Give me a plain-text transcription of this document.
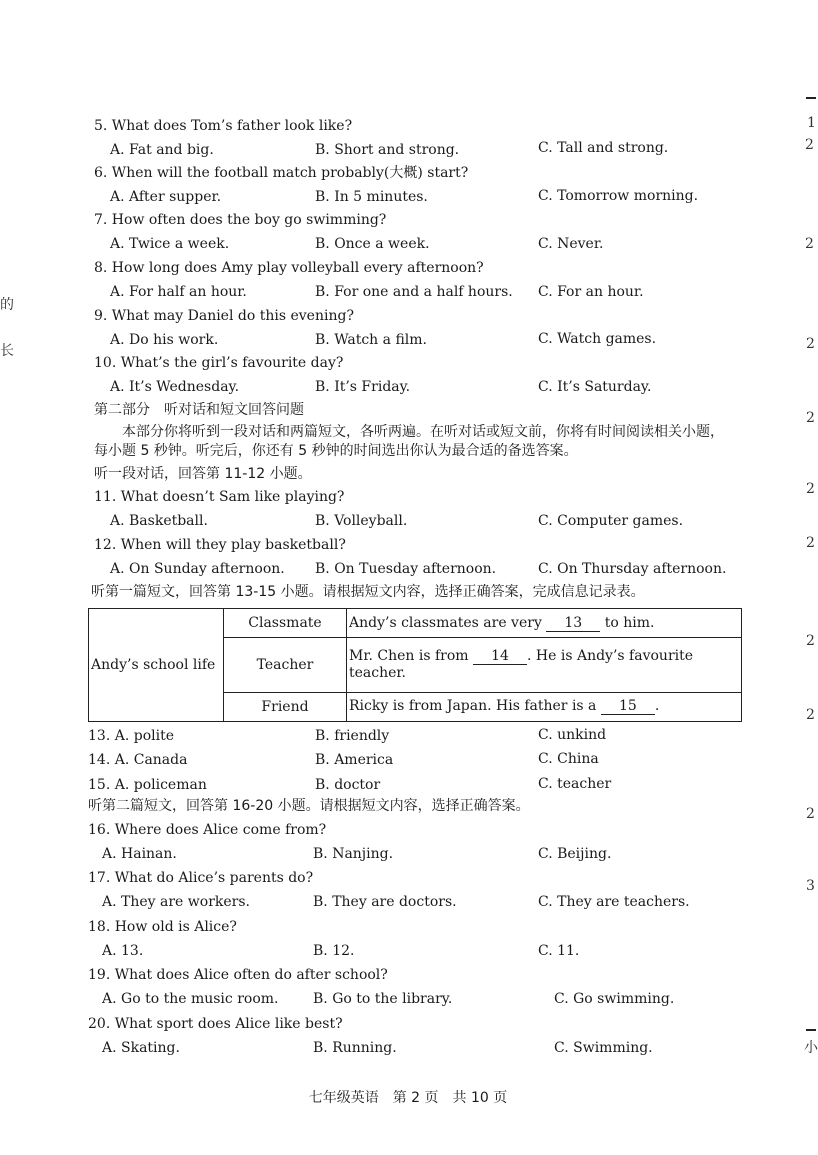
5. What does Tom’s father look like?
A. Fat and big.	B. Short and strong.	C. Tall and strong.
6. When will the football match probably(大概) start?
A. After supper.	B. In 5 minutes.	C. Tomorrow morning.
7. How often does the boy go swimming?
A. Twice a week.	B. Once a week.	C. Never.
8. How long does Amy play volleyball every afternoon?
A. For half an hour.	B. For one and a half hours. C. For an hour.
9. What may Daniel do this evening?
A. Do his work.	B. Watch a film.	C. Watch games.
10. What’s the girl’s favourite day?
A. It’s Wednesday.	B. It’s Friday.	C. It’s Saturday.
第二部分　听对话和短文回答问题
本部分你将听到一段对话和两篇短文，各听两遍。在听对话或短文前，你将有时间阅读相关小题，每小题 5 秒钟。听完后，你还有 5 秒钟的时间选出你认为最合适的备选答案。
听一段对话，回答第 11-12 小题。
11. What doesn’t Sam like playing?
A. Basketball.	B. Volleyball.	C. Computer games.
12. When will they play basketball?
A. On Sunday afternoon. B. On Tuesday afternoon.	C. On Thursday afternoon.
听第一篇短文，回答第 13-15 小题。请根据短文内容，选择正确答案，完成信息记录表。
Andy’s school life	Classmate	Andy’s classmates are very 13 to him.
	Teacher	Mr. Chen is from 14 . He is Andy’s favourite teacher.
	Friend	Ricky is from Japan. His father is a 15 .
13. A. polite	B. friendly	C. unkind
14. A. Canada	B. America	C. China
15. A. policeman	B. doctor	C. teacher
听第二篇短文，回答第 16-20 小题。请根据短文内容，选择正确答案。
16. Where does Alice come from?
A. Hainan.	B. Nanjing.	C. Beijing.
17. What do Alice’s parents do?
A. They are workers.	B. They are doctors.	C. They are teachers.
18. How old is Alice?
A. 13.	B. 12.	C. 11.
19. What does Alice often do after school?
A. Go to the music room. B. Go to the library.	C. Go swimming.
20. What sport does Alice like best?
A. Skating.	B. Running.	C. Swimming.
七年级英语　第 2 页　共 10 页
的
长
1
2
2
2
2
2
2
2
2
2
3
小
